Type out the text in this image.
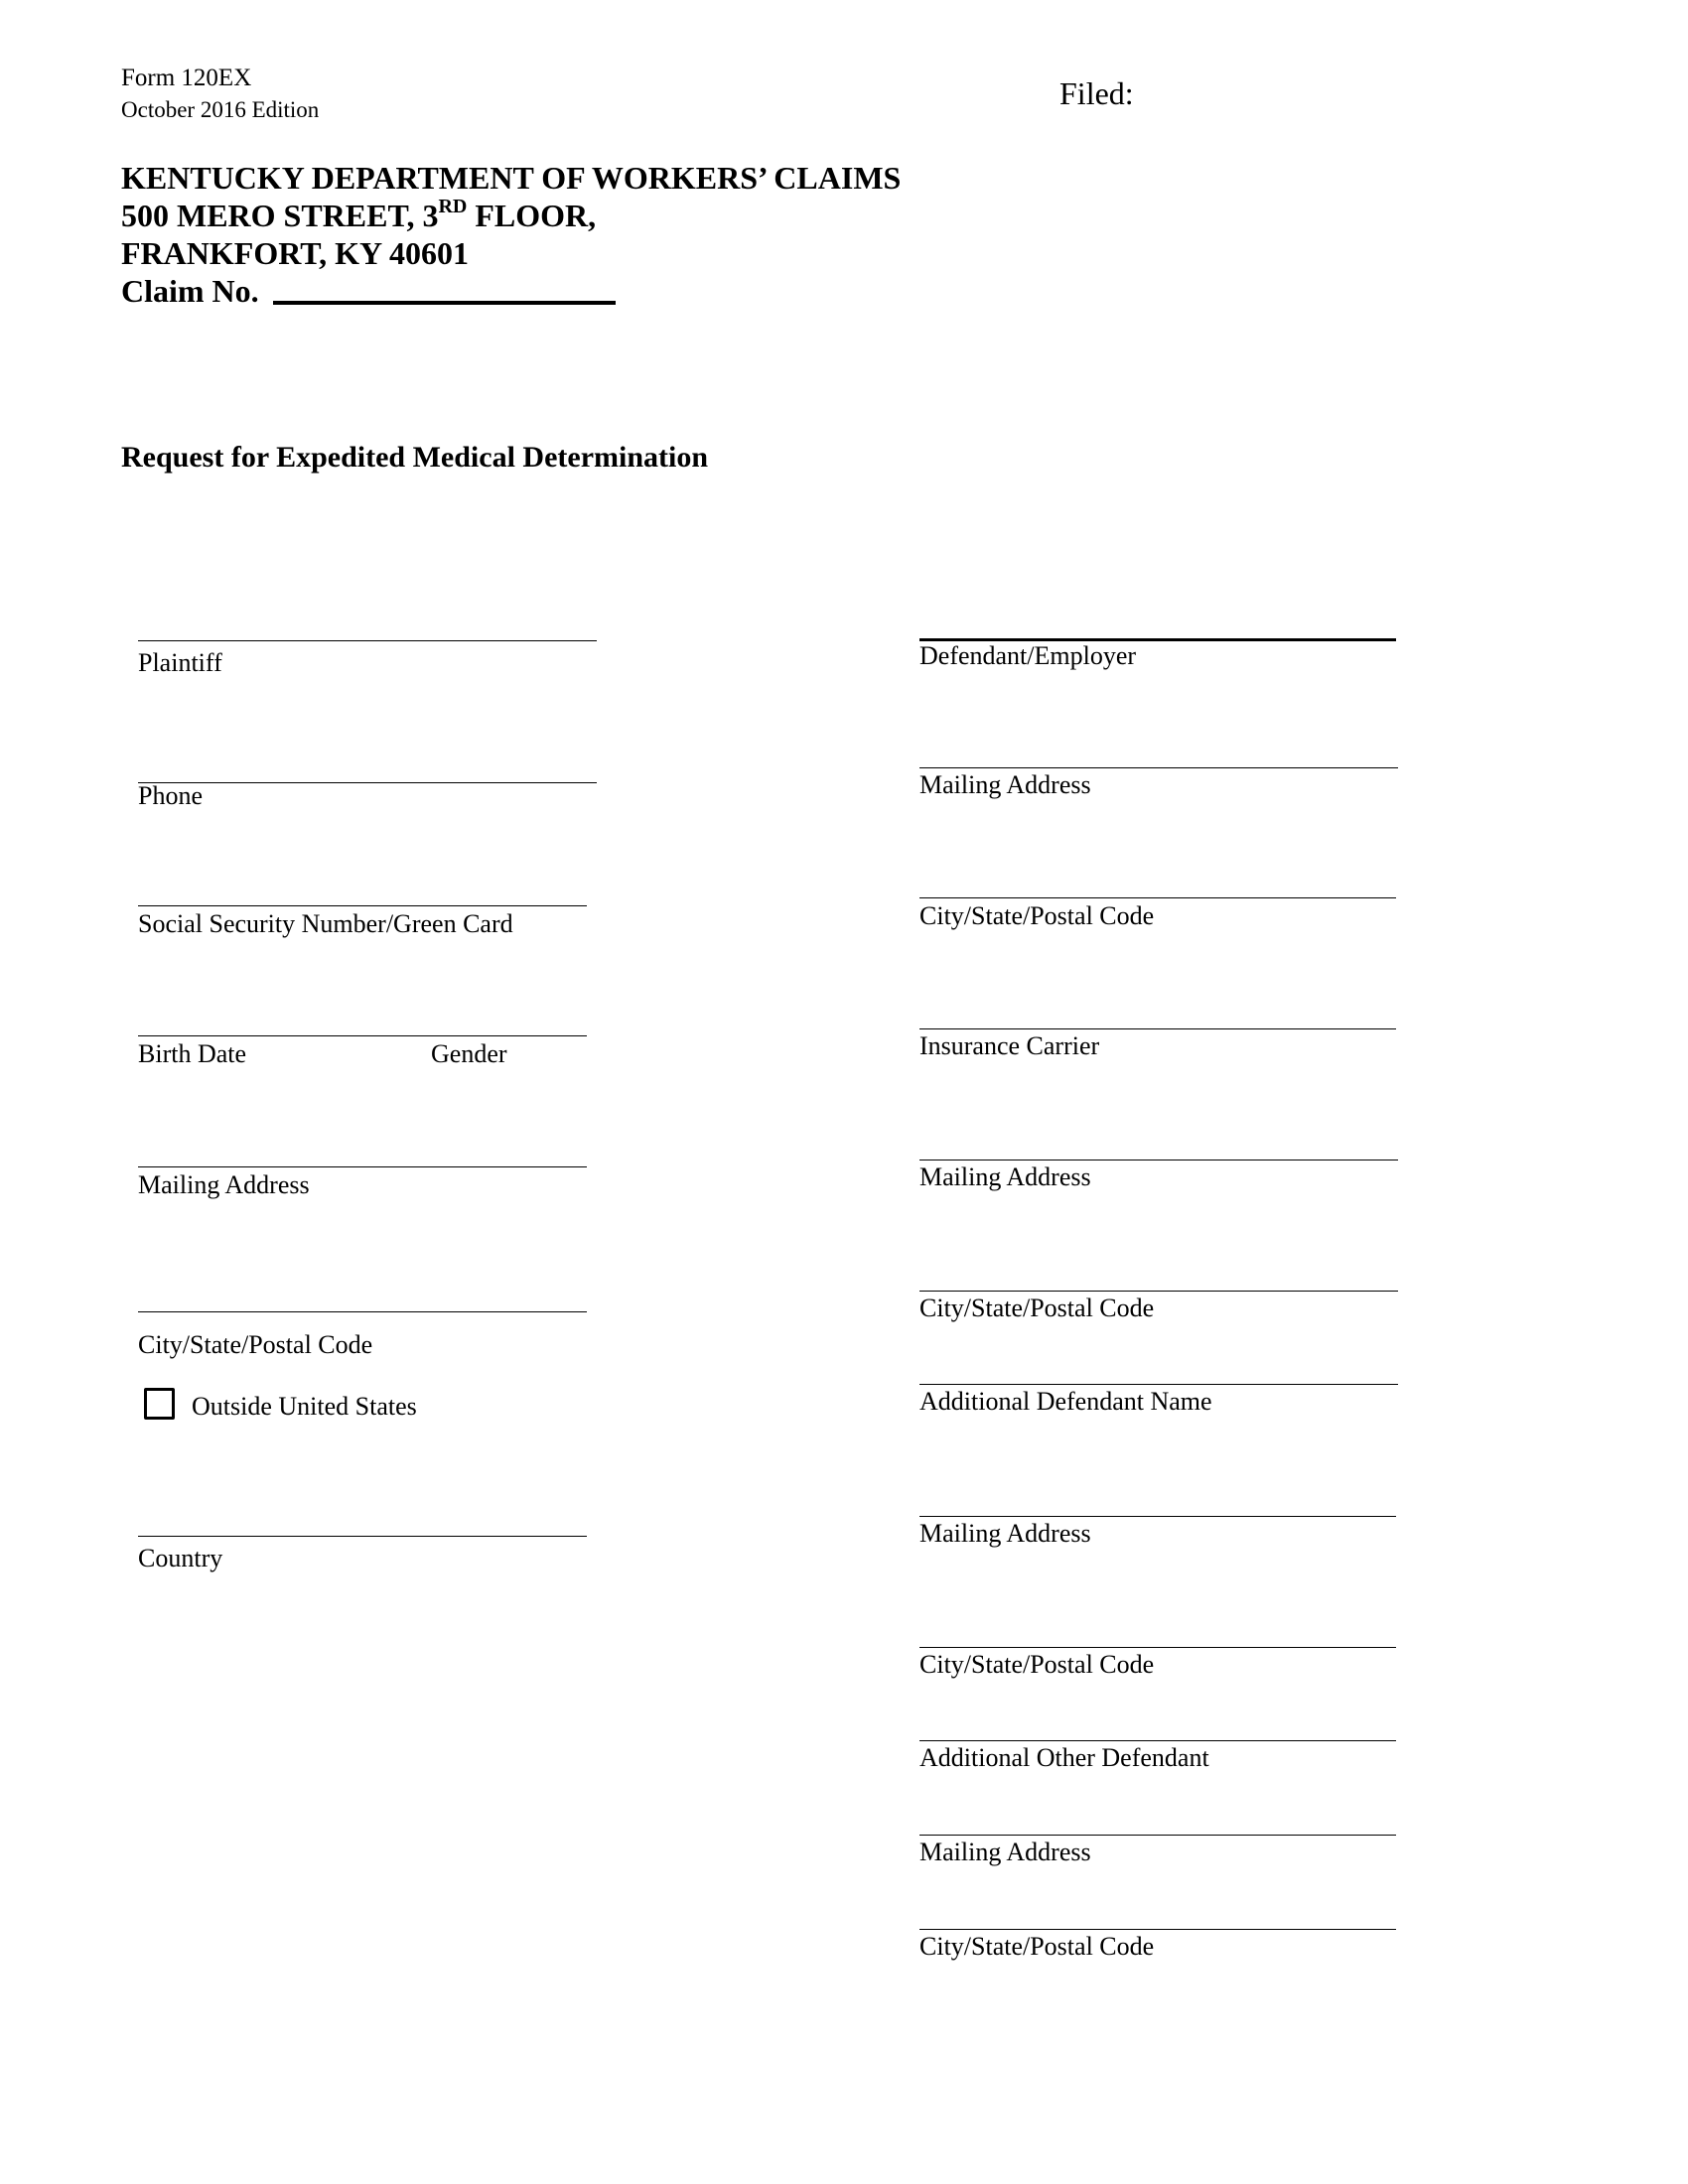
Form 120EX
October 2016 Edition	Filed:
KENTUCKY DEPARTMENT OF WORKERS’ CLAIMS
500 MERO STREET, 3RD FLOOR,
FRANKFORT, KY 40601
Claim No.
Request for Expedited Medical Determination
Plaintiff
Phone
Social Security Number/Green Card
Birth Date	Gender
Mailing Address
City/State/Postal Code
Outside United States
Country
Defendant/Employer
Mailing Address
City/State/Postal Code
Insurance Carrier
Mailing Address
City/State/Postal Code
Additional Defendant Name
Mailing Address
City/State/Postal Code
Additional Other Defendant
Mailing Address
City/State/Postal Code
